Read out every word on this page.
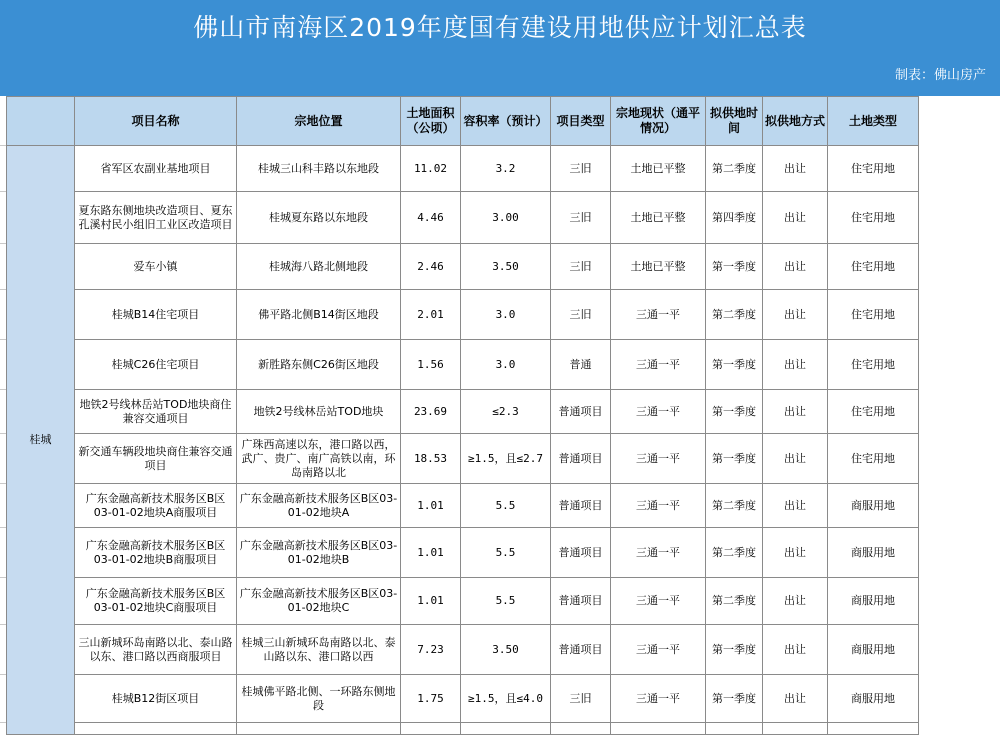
佛山市南海区2019年度国有建设用地供应计划汇总表
制表：佛山房产
	项目名称	宗地位置	土地面积（公顷）	容积率（预计）	项目类型	宗地现状（通平情况）	拟供地时间	拟供地方式	土地类型
桂城	省军区农副业基地项目	桂城三山科丰路以东地段	11.02	3.2	三旧	土地已平整	第二季度	出让	住宅用地
	夏东路东侧地块改造项目、夏东孔溪村民小组旧工业区改造项目	桂城夏东路以东地段	4.46	3.00	三旧	土地已平整	第四季度	出让	住宅用地
	爱车小镇	桂城海八路北侧地段	2.46	3.50	三旧	土地已平整	第一季度	出让	住宅用地
	桂城B14住宅项目	佛平路北侧B14街区地段	2.01	3.0	三旧	三通一平	第二季度	出让	住宅用地
	桂城C26住宅项目	新胜路东侧C26街区地段	1.56	3.0	普通	三通一平	第一季度	出让	住宅用地
	地铁2号线林岳站TOD地块商住兼容交通项目	地铁2号线林岳站TOD地块	23.69	≤2.3	普通项目	三通一平	第一季度	出让	住宅用地
	新交通车辆段地块商住兼容交通项目	广珠西高速以东，港口路以西，武广、贵广、南广高铁以南，环岛南路以北	18.53	≥1.5，且≤2.7	普通项目	三通一平	第一季度	出让	住宅用地
	广东金融高新技术服务区B区03-01-02地块A商服项目	广东金融高新技术服务区B区03-01-02地块A	1.01	5.5	普通项目	三通一平	第二季度	出让	商服用地
	广东金融高新技术服务区B区03-01-02地块B商服项目	广东金融高新技术服务区B区03-01-02地块B	1.01	5.5	普通项目	三通一平	第二季度	出让	商服用地
	广东金融高新技术服务区B区03-01-02地块C商服项目	广东金融高新技术服务区B区03-01-02地块C	1.01	5.5	普通项目	三通一平	第二季度	出让	商服用地
	三山新城环岛南路以北、泰山路以东、港口路以西商服项目	桂城三山新城环岛南路以北、泰山路以东、港口路以西	7.23	3.50	普通项目	三通一平	第一季度	出让	商服用地
	桂城B12街区项目	桂城佛平路北侧、一环路东侧地段	1.75	≥1.5，且≤4.0	三旧	三通一平	第一季度	出让	商服用地
